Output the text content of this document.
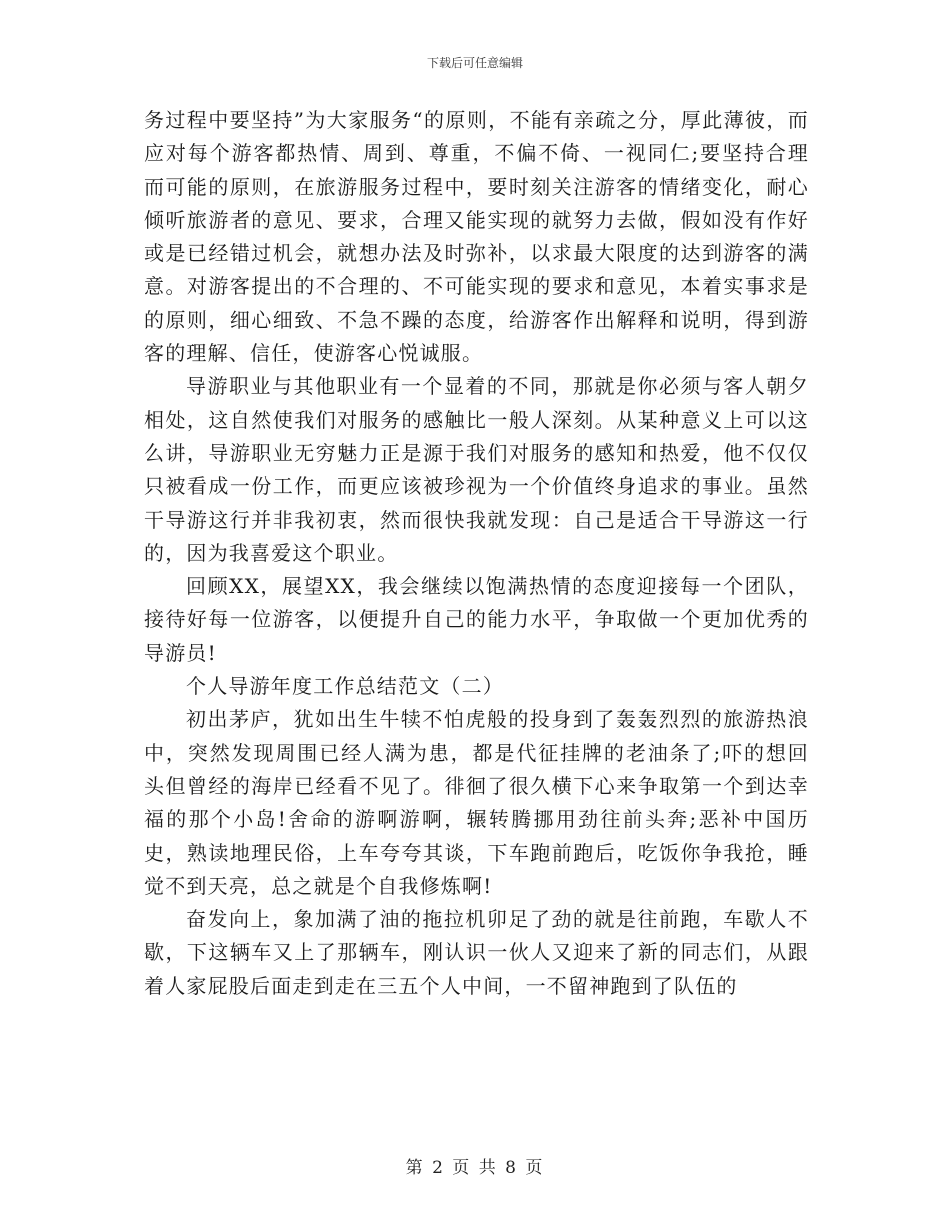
下载后可任意编辑

务过程中要坚持”为大家服务“的原则，不能有亲疏之分，厚此薄彼，而应对每个游客都热情、周到、尊重，不偏不倚、一视同仁;要坚持合理而可能的原则，在旅游服务过程中，要时刻关注游客的情绪变化，耐心倾听旅游者的意见、要求，合理又能实现的就努力去做，假如没有作好或是已经错过机会，就想办法及时弥补，以求最大限度的达到游客的满意。对游客提出的不合理的、不可能实现的要求和意见，本着实事求是的原则，细心细致、不急不躁的态度，给游客作出解释和说明，得到游客的理解、信任，使游客心悦诚服。

导游职业与其他职业有一个显着的不同，那就是你必须与客人朝夕相处，这自然使我们对服务的感触比一般人深刻。从某种意义上可以这么讲，导游职业无穷魅力正是源于我们对服务的感知和热爱，他不仅仅只被看成一份工作，而更应该被珍视为一个价值终身追求的事业。虽然干导游这行并非我初衷，然而很快我就发现：自己是适合干导游这一行的，因为我喜爱这个职业。

回顾XX，展望XX，我会继续以饱满热情的态度迎接每一个团队，接待好每一位游客，以便提升自己的能力水平，争取做一个更加优秀的导游员!

个人导游年度工作总结范文（二）

初出茅庐，犹如出生牛犊不怕虎般的投身到了轰轰烈烈的旅游热浪中，突然发现周围已经人满为患，都是代征挂牌的老油条了;吓的想回头但曾经的海岸已经看不见了。徘徊了很久横下心来争取第一个到达幸福的那个小岛!舍命的游啊游啊，辗转腾挪用劲往前头奔;恶补中国历史，熟读地理民俗，上车夸夸其谈，下车跑前跑后，吃饭你争我抢，睡觉不到天亮，总之就是个自我修炼啊!

奋发向上，象加满了油的拖拉机卯足了劲的就是往前跑，车歇人不歇，下这辆车又上了那辆车，刚认识一伙人又迎来了新的同志们，从跟着人家屁股后面走到走在三五个人中间，一不留神跑到了队伍的

第 2 页 共 8 页
